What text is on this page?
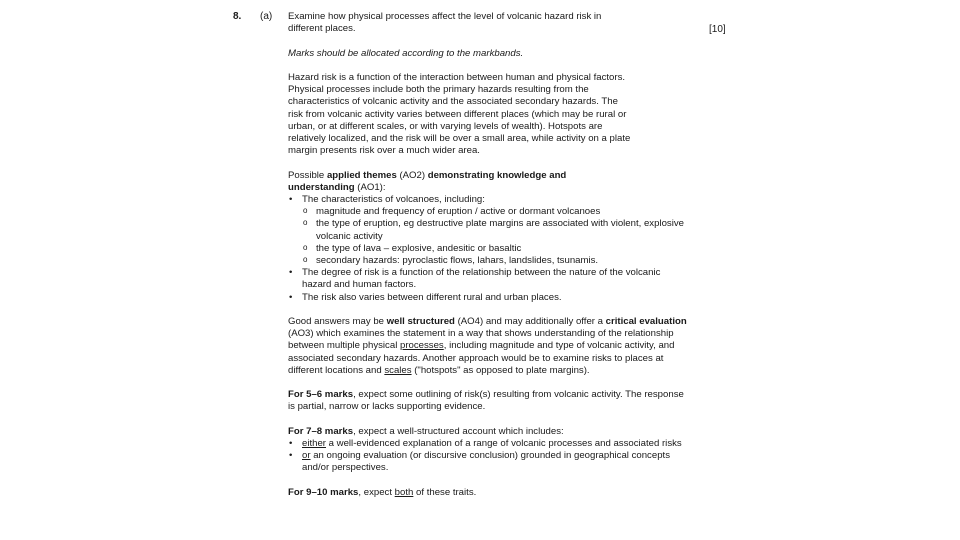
8. (a)
[10]

Examine how physical processes affect the level of volcanic hazard risk in
different places.

Marks should be allocated according to the markbands.

Hazard risk is a function of the interaction between human and physical factors.
Physical processes include both the primary hazards resulting from the
characteristics of volcanic activity and the associated secondary hazards. The
risk from volcanic activity varies between different places (which may be rural or
urban, or at different scales, or with varying levels of wealth). Hotspots are
relatively localized, and the risk will be over a small area, while activity on a plate
margin presents risk over a much wider area.

Possible applied themes (AO2) demonstrating knowledge and
understanding (AO1):

• The characteristics of volcanoes, including:
o magnitude and frequency of eruption / active or dormant volcanoes
o the type of eruption, eg destructive plate margins are associated with violent, explosive volcanic activity
o the type of lava – explosive, andesitic or basaltic
o secondary hazards: pyroclastic flows, lahars, landslides, tsunamis.
• The degree of risk is a function of the relationship between the nature of the volcanic hazard and human factors.
• The risk also varies between different rural and urban places.

Good answers may be well structured (AO4) and may additionally offer a critical evaluation (AO3) which examines the statement in a way that shows understanding of the relationship between multiple physical processes, including magnitude and type of volcanic activity, and associated secondary hazards. Another approach would be to examine risks to places at different locations and scales ("hotspots" as opposed to plate margins).

For 5–6 marks, expect some outlining of risk(s) resulting from volcanic activity. The response is partial, narrow or lacks supporting evidence.

For 7–8 marks, expect a well-structured account which includes:

• either a well-evidenced explanation of a range of volcanic processes and associated risks
• or an ongoing evaluation (or discursive conclusion) grounded in geographical concepts and/or perspectives.

For 9–10 marks, expect both of these traits.
